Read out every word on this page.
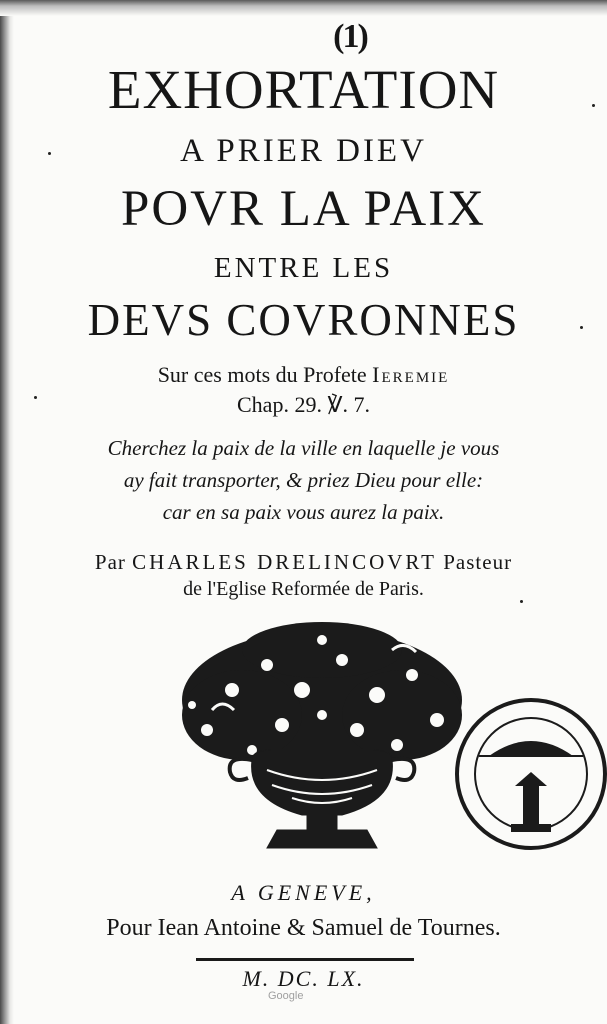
(1)
EXHORTATION
A PRIER DIEV
POVR LA PAIX
ENTRE LES
DEVS COVRONNES
Sur ces mots du Profete Ieremie
Chap. 29. ℣. 7.
Cherchez la paix de la ville en laquelle je vous
ay fait transporter, & priez Dieu pour elle:
car en sa paix vous aurez la paix.
Par CHARLES DRELINCOVRT Pasteur
de l'Eglise Reformée de Paris.
A GENEVE,
Pour Iean Antoine & Samuel de Tournes.
M. DC. LX.
Google
